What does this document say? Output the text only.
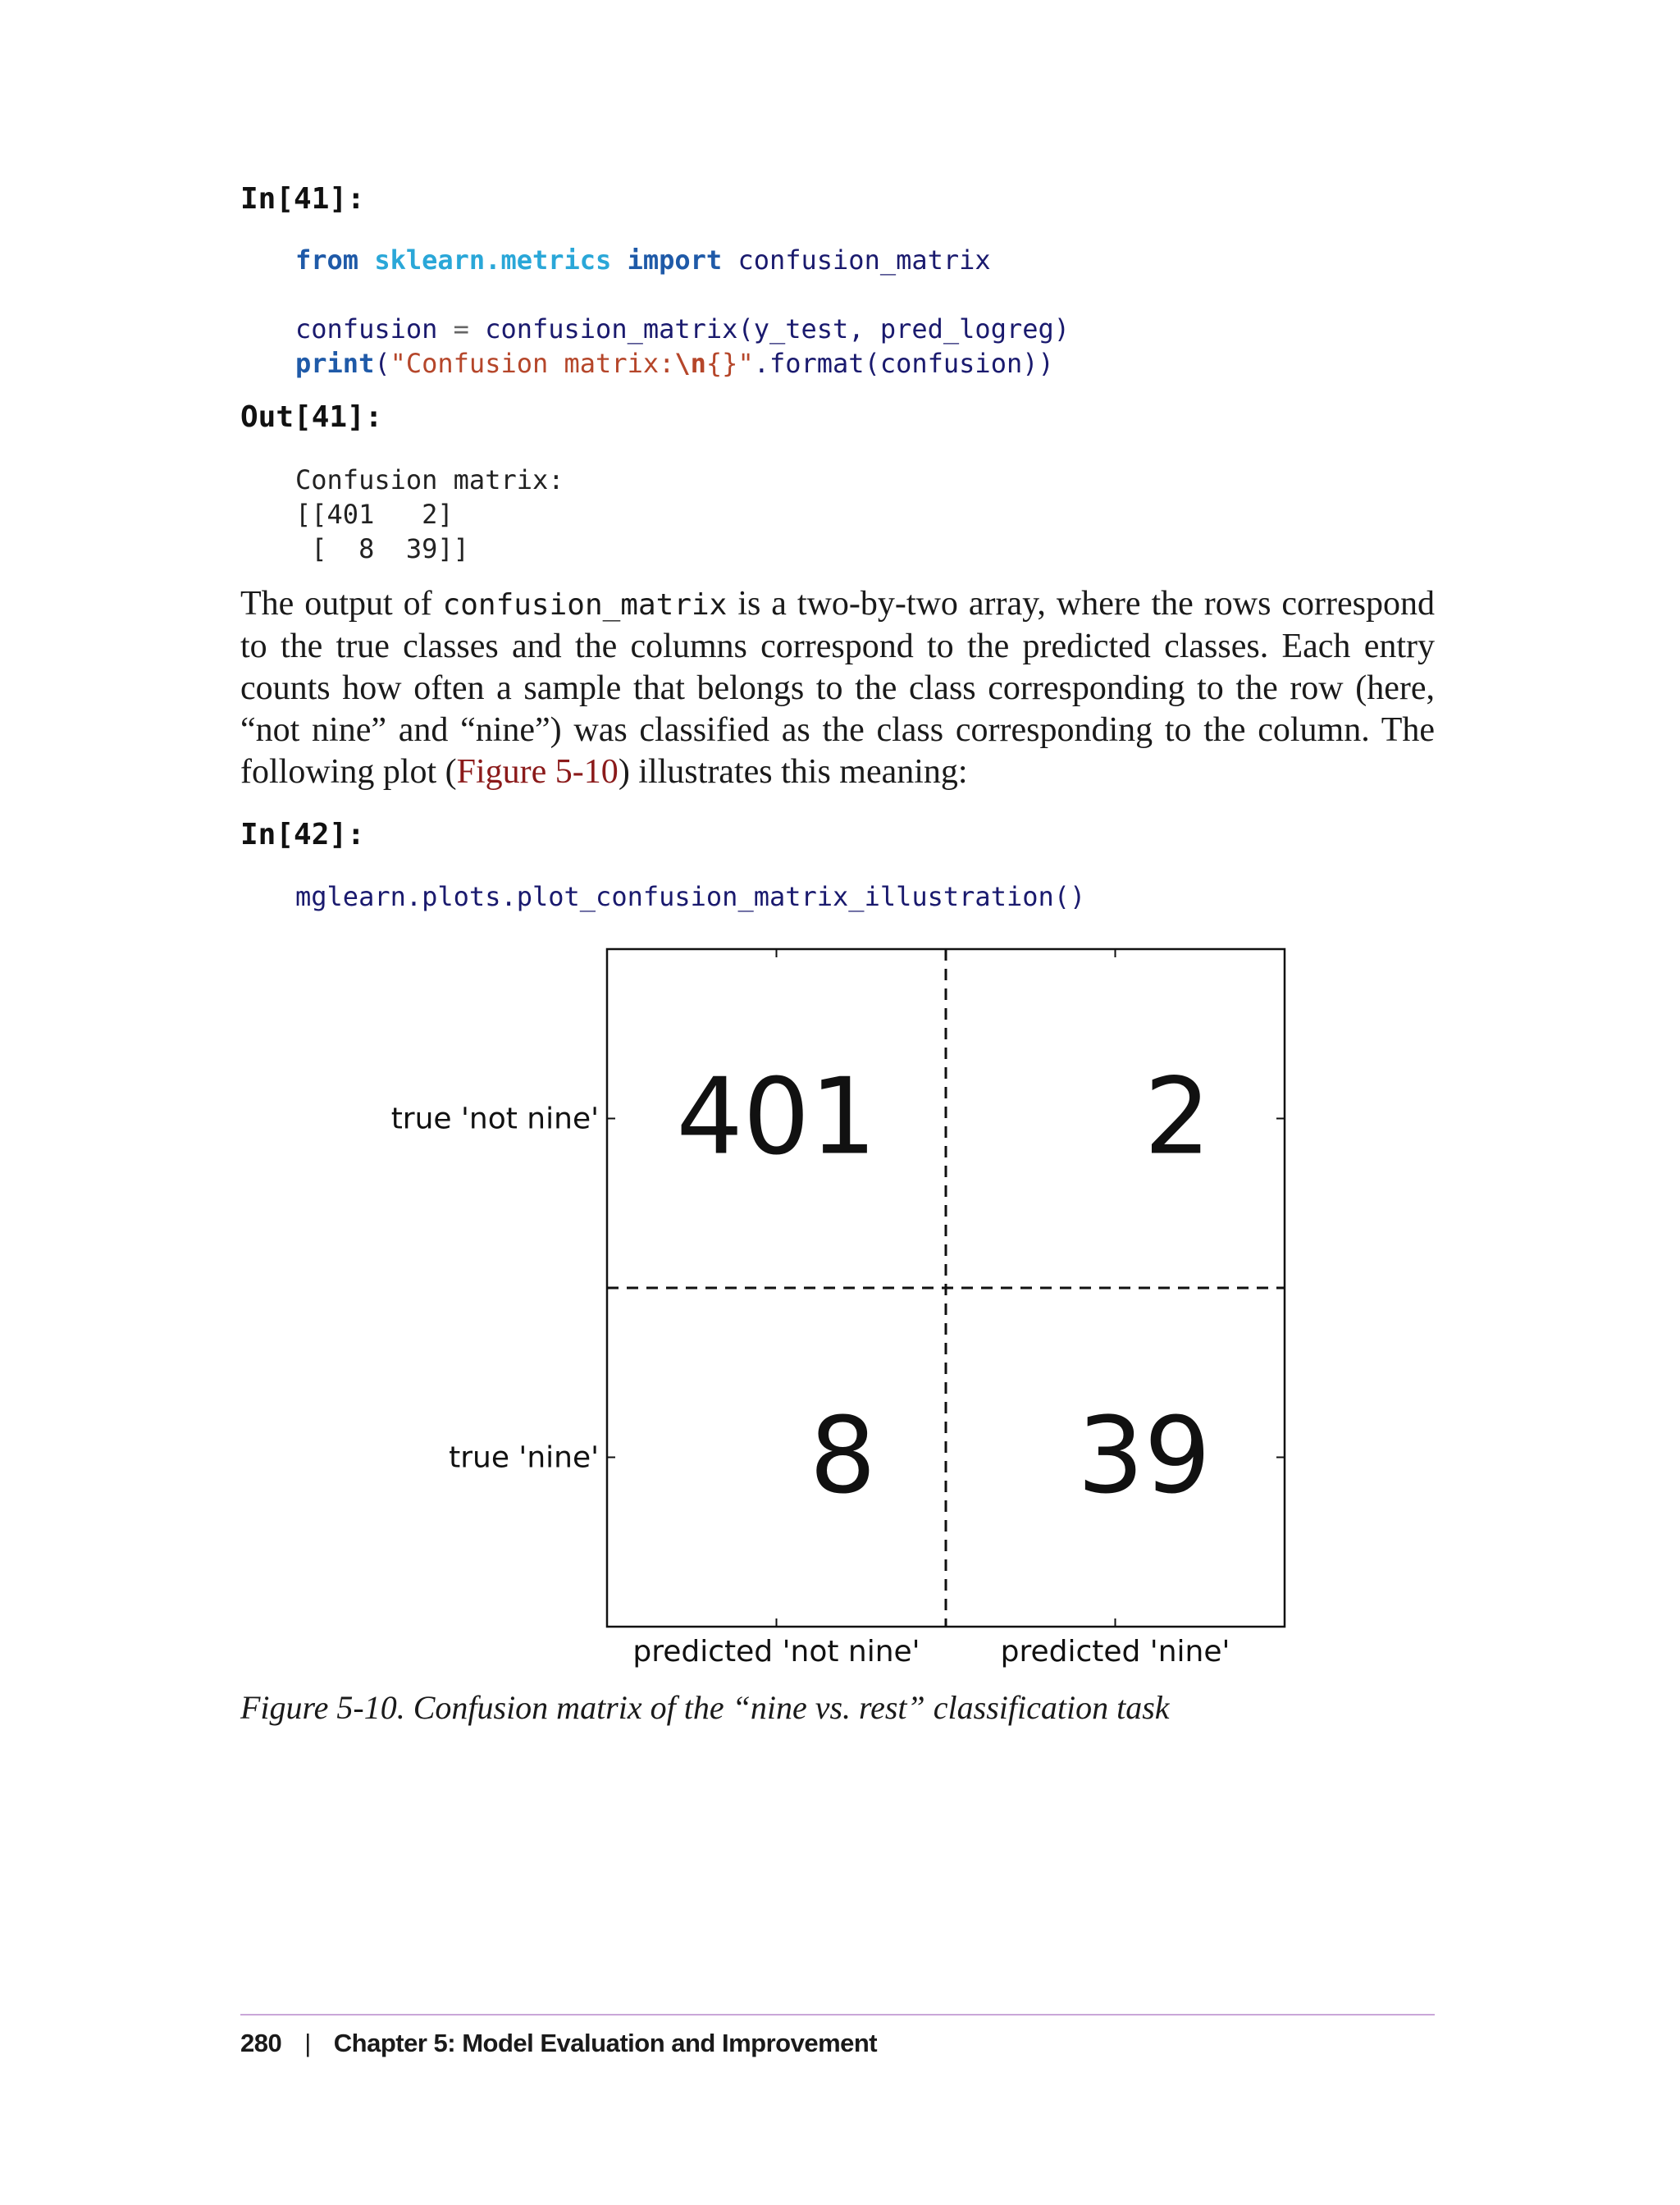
In[41]:
from sklearn.metrics import confusion_matrix

confusion = confusion_matrix(y_test, pred_logreg)
print("Confusion matrix:\n{}".format(confusion))
Out[41]:
Confusion matrix:
[[401   2]
[  8  39]]
The output of confusion_matrix is a two-by-two array, where the rows correspond to the true classes and the columns correspond to the predicted classes. Each entry counts how often a sample that belongs to the class corresponding to the row (here, “not nine” and “nine”) was classified as the class corresponding to the column. The following plot (Figure 5-10) illustrates this meaning:
In[42]:
mglearn.plots.plot_confusion_matrix_illustration()
true 'not nine'
true 'nine'
predicted 'not nine'	predicted 'nine'
401	2
8 39
Figure 5-10. Confusion matrix of the “nine vs. rest” classification task
280 | Chapter 5: Model Evaluation and Improvement
